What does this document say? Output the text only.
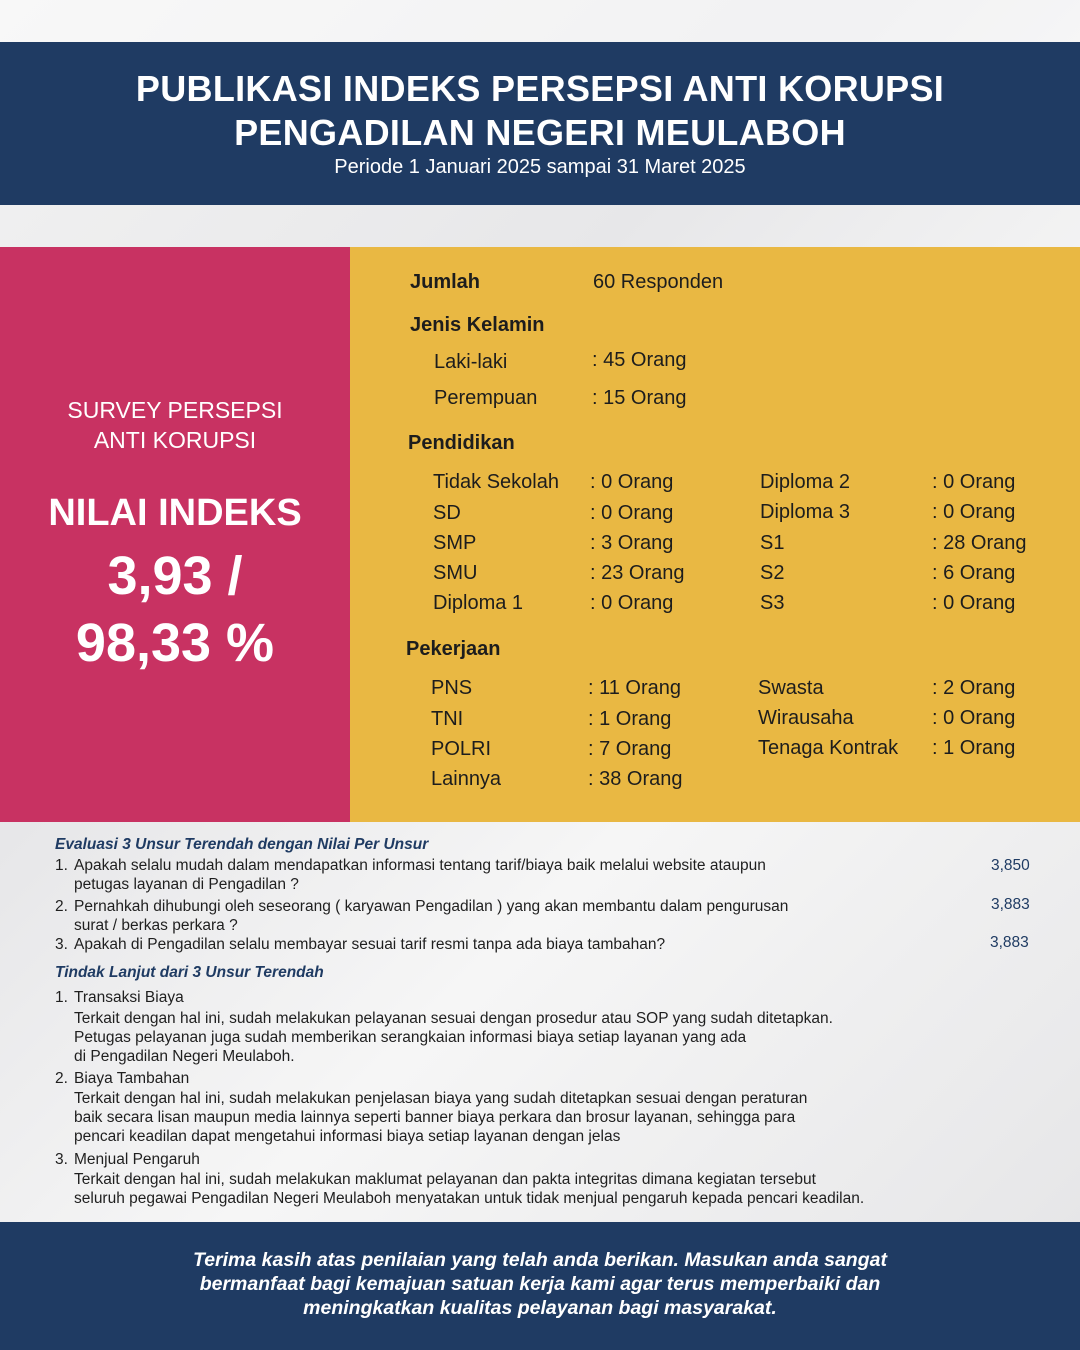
PUBLIKASI INDEKS PERSEPSI ANTI KORUPSI
PENGADILAN NEGERI MEULABOH
Periode 1 Januari 2025 sampai 31 Maret 2025
SURVEY PERSEPSI
ANTI KORUPSI
NILAI INDEKS
3,93 /
98,33 %
Jumlah	60 Responden
Jenis Kelamin
Laki-laki	: 45 Orang
Perempuan	: 15 Orang
Pendidikan
Tidak Sekolah : 0 Orang
SD	: 0 Orang
SMP	: 3 Orang
SMU	: 23 Orang
Diploma 1	: 0 Orang
Diploma 2	: 0 Orang
Diploma 3	: 0 Orang
S1	: 28 Orang
S2	: 6 Orang
S3	: 0 Orang
Pekerjaan
PNS	: 11 Orang
TNI	: 1 Orang
POLRI	: 7 Orang
Lainnya	: 38 Orang
Swasta	: 2 Orang
Wirausaha	: 0 Orang
Tenaga Kontrak : 1 Orang
Evaluasi 3 Unsur Terendah dengan Nilai Per Unsur
1. Apakah selalu mudah dalam mendapatkan informasi tentang tarif/biaya baik melalui website ataupun
petugas layanan di Pengadilan ?
3,850
2. Pernahkah dihubungi oleh seseorang ( karyawan Pengadilan ) yang akan membantu dalam pengurusan
surat / berkas perkara ?
3,883
3. Apakah di Pengadilan selalu membayar sesuai tarif resmi tanpa ada biaya tambahan?	3,883
Tindak Lanjut dari 3 Unsur Terendah
1. Transaksi Biaya
Terkait dengan hal ini, sudah melakukan pelayanan sesuai dengan prosedur atau SOP yang sudah ditetapkan.
Petugas pelayanan juga sudah memberikan serangkaian informasi biaya setiap layanan yang ada
di Pengadilan Negeri Meulaboh.
2. Biaya Tambahan
Terkait dengan hal ini, sudah melakukan penjelasan biaya yang sudah ditetapkan sesuai dengan peraturan
baik secara lisan maupun media lainnya seperti banner biaya perkara dan brosur layanan, sehingga para
pencari keadilan dapat mengetahui informasi biaya setiap layanan dengan jelas
3. Menjual Pengaruh
Terkait dengan hal ini, sudah melakukan maklumat pelayanan dan pakta integritas dimana kegiatan tersebut
seluruh pegawai Pengadilan Negeri Meulaboh menyatakan untuk tidak menjual pengaruh kepada pencari keadilan.
Terima kasih atas penilaian yang telah anda berikan. Masukan anda sangat
bermanfaat bagi kemajuan satuan kerja kami agar terus memperbaiki dan
meningkatkan kualitas pelayanan bagi masyarakat.
